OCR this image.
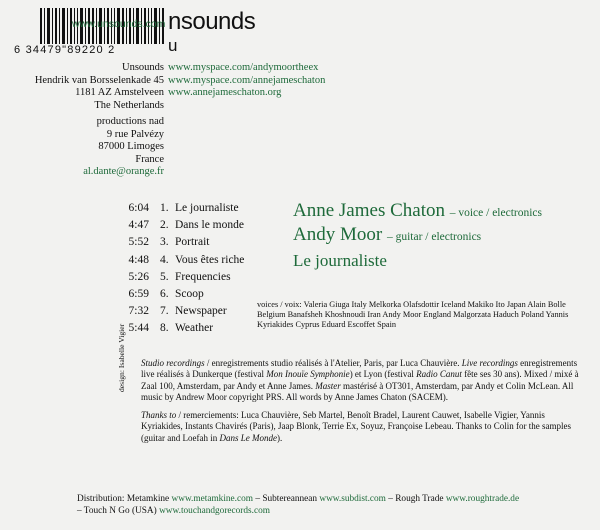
6 34479"89220 2
www.unsounds.com nsounds
u
Unsounds
Hendrik van Borsselenkade 45
1181 AZ Amstelveen
The Netherlands
www.myspace.com/andymoortheex
www.myspace.com/annejameschaton
www.annejameschaton.org
productions nad
9 rue Palvézy
87000 Limoges
France
al.dante@orange.fr
6:04 1. Le journaliste
4:47 2. Dans le monde
5:52 3. Portrait
4:48 4. Vous êtes riche
5:26 5. Frequencies
6:59 6. Scoop
7:32 7. Newspaper
5:44 8. Weather
voices / voix: Valeria Giuga Italy Melkorka Olafsdottir Iceland Makiko Ito Japan Alain Bolle Belgium Banafsheh Khoshnoudi Iran Andy Moor England Malgorzata Haduch Poland Yannis Kyriakides Cyprus Eduard Escoffet Spain
Anne James Chaton – voice / electronics
Andy Moor – guitar / electronics
Le journaliste

Studio recordings / enregistrements studio réalisés à l'Atelier, Paris, par Luca Chauvière. Live recordings enregistrements live réalisés à Dunkerque (festival Mon Inouïe Symphonie) et Lyon (festival Radio Canut fête ses 30 ans). Mixed / mixé à Zaal 100, Amsterdam, par Andy et Anne James. Master mastérisé à OT301, Amsterdam, par Andy et Colin McLean. All music by Andrew Moor copyright PRS. All words by Anne James Chaton (SACEM).

Thanks to / remerciements: Luca Chauvière, Seb Martel, Benoît Bradel, Laurent Cauwet, Isabelle Vigier, Yannis Kyriakides, Instants Chavirés (Paris), Jaap Blonk, Terrie Ex, Soyuz, Françoise Lebeau. Thanks to Colin for the samples (guitar and Loefah in Dans Le Monde).

design: Isabelle Vigier
Distribution: Metamkine www.metamkine.com – Subtereannean www.subdist.com – Rough Trade www.roughtrade.de
– Touch N Go (USA) www.touchandgorecords.com
